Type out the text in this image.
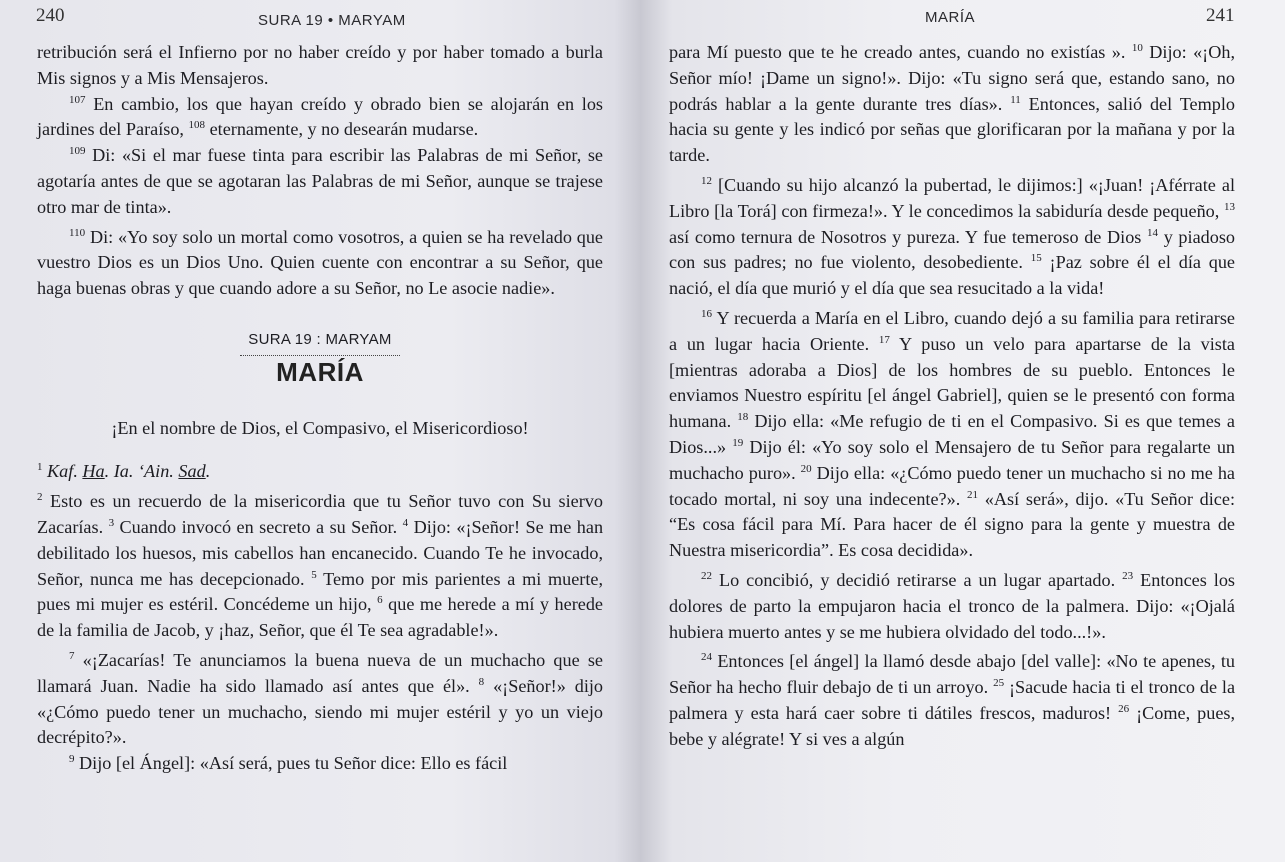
240	SURA 19 • MARYAM

retribución será el Infierno por no haber creído y por haber tomado a burla Mis signos y a Mis Mensajeros.

$^{107}$ En cambio, los que hayan creído y obrado bien se alojarán en los jardines del Paraíso, $^{108}$ eternamente, y no desearán mudarse.

$^{109}$ Di: «Si el mar fuese tinta para escribir las Palabras de mi Señor, se agotaría antes de que se agotaran las Palabras de mi Señor, aunque se trajese otro mar de tinta».

$^{110}$ Di: «Yo soy solo un mortal como vosotros, a quien se ha revelado que vuestro Dios es un Dios Uno. Quien cuente con encontrar a su Señor, que haga buenas obras y que cuando adore a su Señor, no Le asocie nadie».

SURA 19 : MARYAM
MARÍA

¡En el nombre de Dios, el Compasivo, el Misericordioso!

$^1$ Kaf. Ha. Ia. ‘Ain. Sad.

$^2$ Esto es un recuerdo de la misericordia que tu Señor tuvo con Su siervo Zacarías. $^3$ Cuando invocó en secreto a su Señor. $^4$ Dijo: «¡Señor! Se me han debilitado los huesos, mis cabellos han encanecido. Cuando Te he invocado, Señor, nunca me has decepcionado. $^5$ Temo por mis parientes a mi muerte, pues mi mujer es estéril. Concédeme un hijo, $^6$ que me herede a mí y herede de la familia de Jacob, y ¡haz, Señor, que él Te sea agradable!».

$^7$ «¡Zacarías! Te anunciamos la buena nueva de un muchacho que se llamará Juan. Nadie ha sido llamado así antes que él». $^8$ «¡Señor!» dijo «¿Cómo puedo tener un muchacho, siendo mi mujer estéril y yo un viejo decrépito?».

$^9$ Dijo [el Ángel]: «Así será, pues tu Señor dice: Ello es fácil

MARÍA	241

para Mí puesto que te he creado antes, cuando no existías ». $^{10}$ Dijo: «¡Oh, Señor mío! ¡Dame un signo!». Dijo: «Tu signo será que, estando sano, no podrás hablar a la gente durante tres días». $^{11}$ Entonces, salió del Templo hacia su gente y les indicó por señas que glorificaran por la mañana y por la tarde.

$^{12}$ [Cuando su hijo alcanzó la pubertad, le dijimos:] «¡Juan! ¡Aférrate al Libro [la Torá] con firmeza!». Y le concedimos la sabiduría desde pequeño, $^{13}$ así como ternura de Nosotros y pureza. Y fue temeroso de Dios $^{14}$ y piadoso con sus padres; no fue violento, desobediente. $^{15}$ ¡Paz sobre él el día que nació, el día que murió y el día que sea resucitado a la vida!

$^{16}$ Y recuerda a María en el Libro, cuando dejó a su familia para retirarse a un lugar hacia Oriente. $^{17}$ Y puso un velo para apartarse de la vista [mientras adoraba a Dios] de los hombres de su pueblo. Entonces le enviamos Nuestro espíritu [el ángel Gabriel], quien se le presentó con forma humana. $^{18}$ Dijo ella: «Me refugio de ti en el Compasivo. Si es que temes a Dios...» $^{19}$ Dijo él: «Yo soy solo el Mensajero de tu Señor para regalarte un muchacho puro». $^{20}$ Dijo ella: «¿Cómo puedo tener un muchacho si no me ha tocado mortal, ni soy una indecente?». $^{21}$ «Así será», dijo. «Tu Señor dice: “Es cosa fácil para Mí. Para hacer de él signo para la gente y muestra de Nuestra misericordia”. Es cosa decidida».

$^{22}$ Lo concibió, y decidió retirarse a un lugar apartado. $^{23}$ Entonces los dolores de parto la empujaron hacia el tronco de la palmera. Dijo: «¡Ojalá hubiera muerto antes y se me hubiera olvidado del todo...!».

$^{24}$ Entonces [el ángel] la llamó desde abajo [del valle]: «No te apenes, tu Señor ha hecho fluir debajo de ti un arroyo. $^{25}$ ¡Sacude hacia ti el tronco de la palmera y esta hará caer sobre ti dátiles frescos, maduros! $^{26}$ ¡Come, pues, bebe y alégrate! Y si ves a algún
